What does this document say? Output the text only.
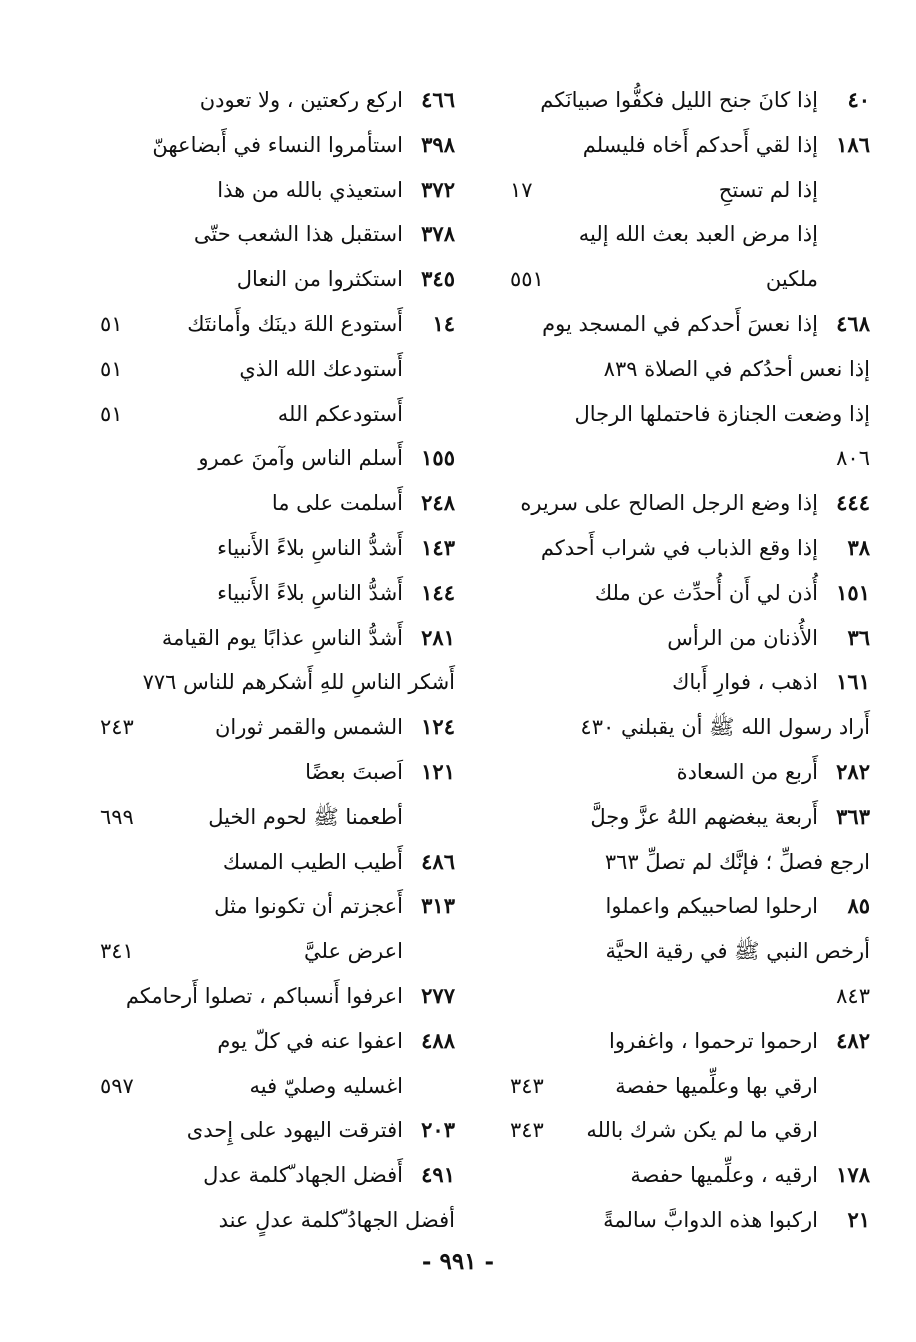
٤٠
إذا كانَ جنح الليل فكفُّوا صبيانَكم
١٨٦
إذا لقي أَحدكم أَخاه فليسلم
إذا لم تستحِ
١٧
إذا مرض العبد بعث الله إليه
ملكين
٥٥١
٤٦٨
إذا نعسَ أَحدكم في المسجد يوم
إذا نعس أحدُكم في الصلاة ٨٣٩
إذا وضعت الجنازة فاحتملها الرجال
٨٠٦
٤٤٤
إذا وضع الرجل الصالح على سريره
٣٨
إذا وقع الذباب في شراب أَحدكم
١٥١
أُذن لي أَن أُحدِّث عن ملك
٣٦
الأُذنان من الرأس
١٦١
اذهب ، فوارِ أَباك
أَراد رسول الله ﷺ أن يقبلني ٤٣٠
٢٨٢
أَربع من السعادة
٣٦٣
أَربعة يبغضهم اللهُ عزَّ وجلَّ
ارجع فصلِّ ؛ فإنَّك لم تصلِّ ٣٦٣
٨٥
ارحلوا لصاحبيكم واعملوا
أرخص النبي ﷺ في رقية الحيَّة
٨٤٣
٤٨٢
ارحموا ترحموا ، واغفروا
ارقي بها وعلِّميها حفصة
٣٤٣
ارقي ما لم يكن شرك بالله
٣٤٣
١٧٨
ارقيه ، وعلِّميها حفصة
٢١
اركبوا هذه الدوابَّ سالمةً
٤٦٦
اركع ركعتين ، ولا تعودن
٣٩٨
استأمروا النساء في أَبضاعهنّ
٣٧٢
استعيذي بالله من هذا
٣٧٨
استقبل هذا الشعب حتّى
٣٤٥
استكثروا من النعال
١٤
أَستودع اللهَ دينَك وأَمانتَك
٥١
أَستودعك الله الذي
٥١
أَستودعكم الله
٥١
١٥٥
أَسلم الناس وآمنَ عمرو
٢٤٨
أَسلمت على ما
١٤٣
أَشدُّ الناسِ بلاءً الأَنبياء
١٤٤
أَشدُّ الناسِ بلاءً الأَنبياء
٢٨١
أَشدُّ الناسِ عذابًا يوم القيامة
أَشكر الناسِ للهِ أَشكرهم للناس ٧٧٦
١٢٤
الشمس والقمر ثوران
٢٤٣
١٢١
اَصبتَ بعضًا
أطعمنا ﷺ لحوم الخيل
٦٩٩
٤٨٦
أَطيب الطيب المسك
٣١٣
أَعجزتم أن تكونوا مثل
اعرض عليَّ
٣٤١
٢٧٧
اعرفوا أَنسباكم ، تصلوا أَرحامكم
٤٨٨
اعفوا عنه في كلّ يوم
اغسليه وصليّ فيه
٥٩٧
٢٠٣
افترقت اليهود على إِحدى
٤٩١
أَفضل الجهاد ّكلمة عدل
أفضل الجهادُ ّكلمة عدلٍ عند
- ٩٩١ -
